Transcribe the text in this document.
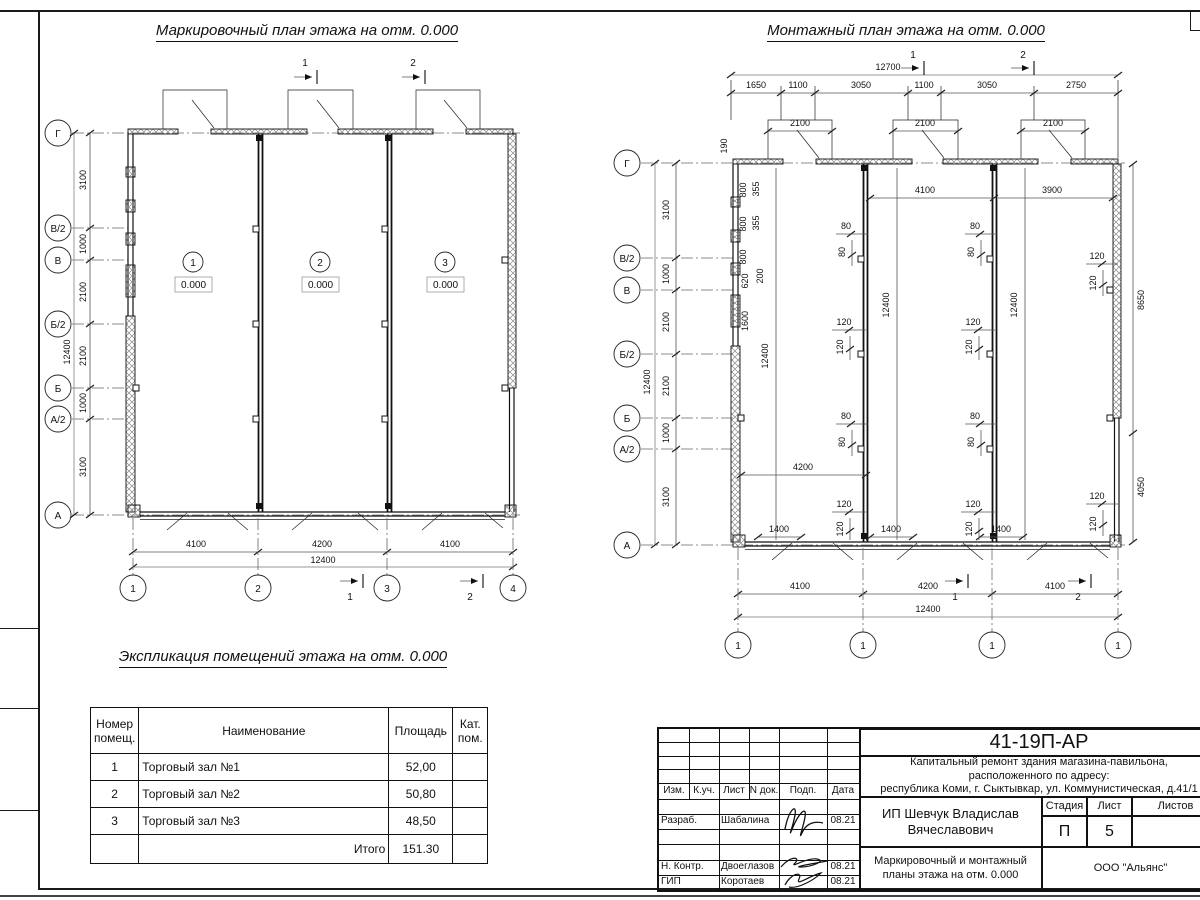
Маркировочный план этажа на отм. 0.000	Монтажный план этажа на отм. 0.000
Экспликация помещений этажа на отм. 0.000
Г
В/2
В
Б/2
Б
А/2
А
3100
1000
2100
2100
1000
3100
12400
1	2
1	2
1
0.000
2
0.000
3
0.000
4100	4200	4100
12400
1	2	3	4
Г
В/2
В
Б/2
Б
А/2
А
3100
1000
2100
2100
1000
3100
12400
12700
1650 1100	3050	1100	3050	2750
2100	2100	2100
1	2
1	2
190
800 355
800 355
800
620 200
1600
12400
12400	12400
4100	3900
4200
1400	1400	1400
80
80
80
80
80
80
80
80
120
120
120
120
120
120
120
120
120
120
120
120
8650
4050
4100	4200	4100
12400
1	1	1	1
Номер помещ.	Наименование	Площадь	Кат. пом.
1	Торговый зал №1	52,00	
2	Торговый зал №2	50,80	
3	Торговый зал №3	48,50	
	Итого	151.30	
Изм. К.уч. Лист N док.	Подп.	Дата
Разраб.	Шабалина	08.21
Н. Контр.	Двоеглазов	08.21
ГИП	Коротаев	08.21
41-19П-АР
Капитальный ремонт здания магазина-павильона,
расположенного по адресу:
республика Коми, г. Сыктывкар, ул. Коммунистическая, д.41/1
ИП Шевчук Владислав Вячеславович
Стадия	Лист	Листов
П	5
Маркировочный и монтажный
планы этажа на отм. 0.000
ООО "Альянс"
